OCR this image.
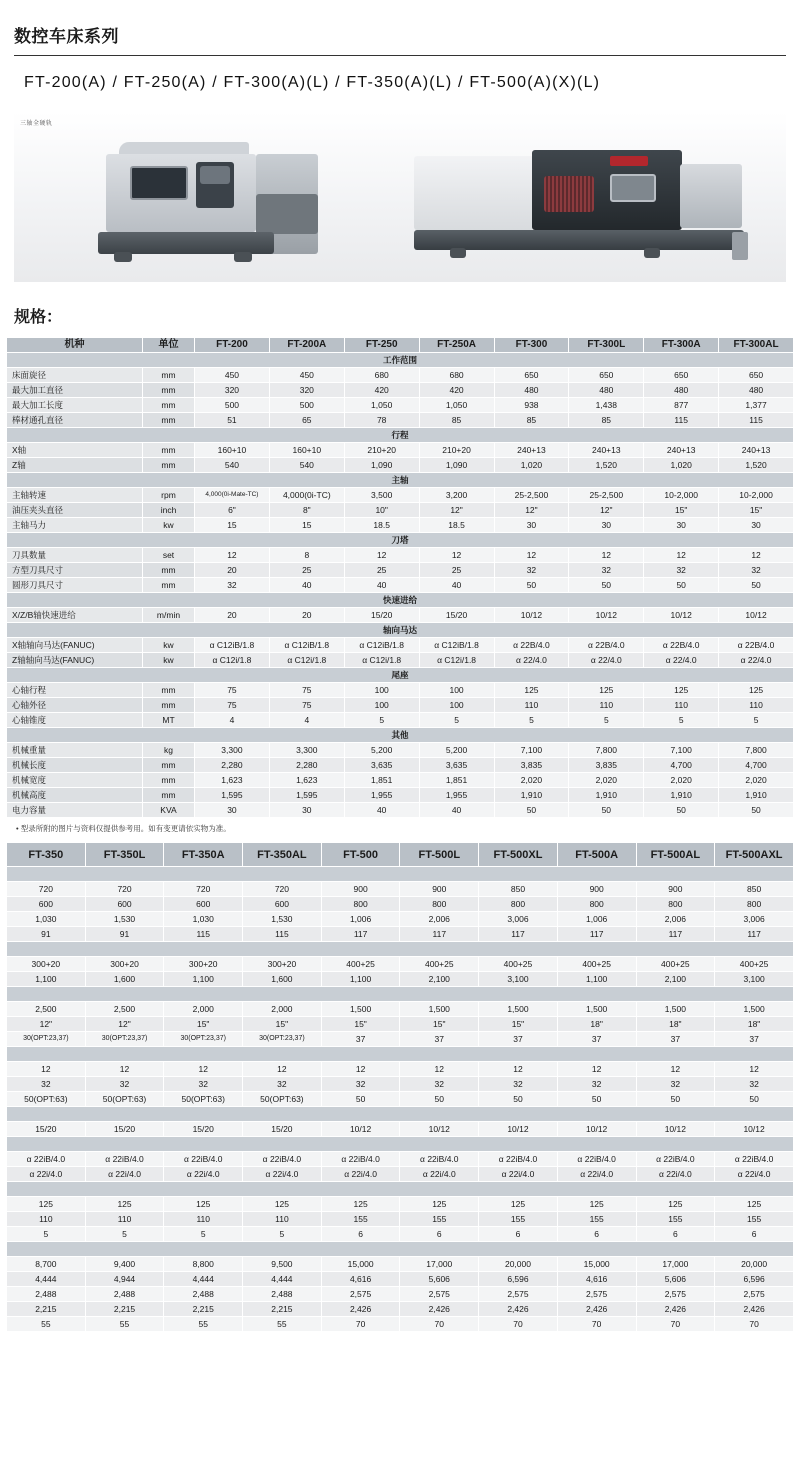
数控车床系列
FT-200(A) / FT-250(A) / FT-300(A)(L) / FT-350(A)(L) / FT-500(A)(X)(L)
三轴全硬轨
规格：
机种	单位	FT-200	FT-200A	FT-250	FT-250A	FT-300	FT-300L	FT-300A	FT-300AL
工作范围									
床面旋径	mm	450	450	680	680	650	650	650	650
最大加工直径	mm	320	320	420	420	480	480	480	480
最大加工长度	mm	500	500	1,050	1,050	938	1,438	877	1,377
棒材通孔直径	mm	51	65	78	85	85	85	115	115
行程									
X轴	mm	160+10	160+10	210+20	210+20	240+13	240+13	240+13	240+13
Z轴	mm	540	540	1,090	1,090	1,020	1,520	1,020	1,520
主轴									
主轴转速	rpm	4,000(0i-Mate-TC)	4,000(0i-TC)	3,500	3,200	25-2,500	25-2,500	10-2,000	10-2,000
油压夹头直径	inch	6"	8"	10"	12"	12"	12"	15"	15"
主轴马力	kw	15	15	18.5	18.5	30	30	30	30
刀塔									
刀具数量	set	12	8	12	12	12	12	12	12
方型刀具尺寸	mm	20	25	25	25	32	32	32	32
圆形刀具尺寸	mm	32	40	40	40	50	50	50	50
快速进给									
X/Z/B轴快速进给	m/min	20	20	15/20	15/20	10/12	10/12	10/12	10/12
轴向马达									
X轴轴向马达(FANUC)	kw	α C12iB/1.8	α C12iB/1.8	α C12iB/1.8	α C12iB/1.8	α 22B/4.0	α 22B/4.0	α 22B/4.0	α 22B/4.0
Z轴轴向马达(FANUC)	kw	α C12i/1.8	α C12i/1.8	α C12i/1.8	α C12i/1.8	α 22/4.0	α 22/4.0	α 22/4.0	α 22/4.0
尾座									
心轴行程	mm	75	75	100	100	125	125	125	125
心轴外径	mm	75	75	100	100	110	110	110	110
心轴锥度	MT	4	4	5	5	5	5	5	5
其他									
机械重量	kg	3,300	3,300	5,200	5,200	7,100	7,800	7,100	7,800
机械长度	mm	2,280	2,280	3,635	3,635	3,835	3,835	4,700	4,700
机械宽度	mm	1,623	1,623	1,851	1,851	2,020	2,020	2,020	2,020
机械高度	mm	1,595	1,595	1,955	1,955	1,910	1,910	1,910	1,910
电力容量	KVA	30	30	40	40	50	50	50	50
• 型录所附的图片与资料仅提供参考用。如有变更请依实物为准。
FT-350	FT-350L	FT-350A	FT-350AL	FT-500	FT-500L	FT-500XL	FT-500A	FT-500AL	FT-500AXL

720	720	720	720	900	900	850	900	900	850
600	600	600	600	800	800	800	800	800	800
1,030	1,530	1,030	1,530	1,006	2,006	3,006	1,006	2,006	3,006
91	91	115	115	117	117	117	117	117	117

300+20	300+20	300+20	300+20	400+25	400+25	400+25	400+25	400+25	400+25
1,100	1,600	1,100	1,600	1,100	2,100	3,100	1,100	2,100	3,100

2,500	2,500	2,000	2,000	1,500	1,500	1,500	1,500	1,500	1,500
12"	12"	15"	15"	15"	15"	15"	18"	18"	18"
30(OPT:23,37)	30(OPT:23,37)	30(OPT:23,37)	30(OPT:23,37)	37	37	37	37	37	37

12	12	12	12	12	12	12	12	12	12
32	32	32	32	32	32	32	32	32	32
50(OPT:63)	50(OPT:63)	50(OPT:63)	50(OPT:63)	50	50	50	50	50	50

15/20	15/20	15/20	15/20	10/12	10/12	10/12	10/12	10/12	10/12

α 22iB/4.0	α 22iB/4.0	α 22iB/4.0	α 22iB/4.0	α 22iB/4.0	α 22iB/4.0	α 22iB/4.0	α 22iB/4.0	α 22iB/4.0	α 22iB/4.0
α 22i/4.0	α 22i/4.0	α 22i/4.0	α 22i/4.0	α 22i/4.0	α 22i/4.0	α 22i/4.0	α 22i/4.0	α 22i/4.0	α 22i/4.0

125	125	125	125	125	125	125	125	125	125
110	110	110	110	155	155	155	155	155	155
5	5	5	5	6	6	6	6	6	6

8,700	9,400	8,800	9,500	15,000	17,000	20,000	15,000	17,000	20,000
4,444	4,944	4,444	4,444	4,616	5,606	6,596	4,616	5,606	6,596
2,488	2,488	2,488	2,488	2,575	2,575	2,575	2,575	2,575	2,575
2,215	2,215	2,215	2,215	2,426	2,426	2,426	2,426	2,426	2,426
55	55	55	55	70	70	70	70	70	70
